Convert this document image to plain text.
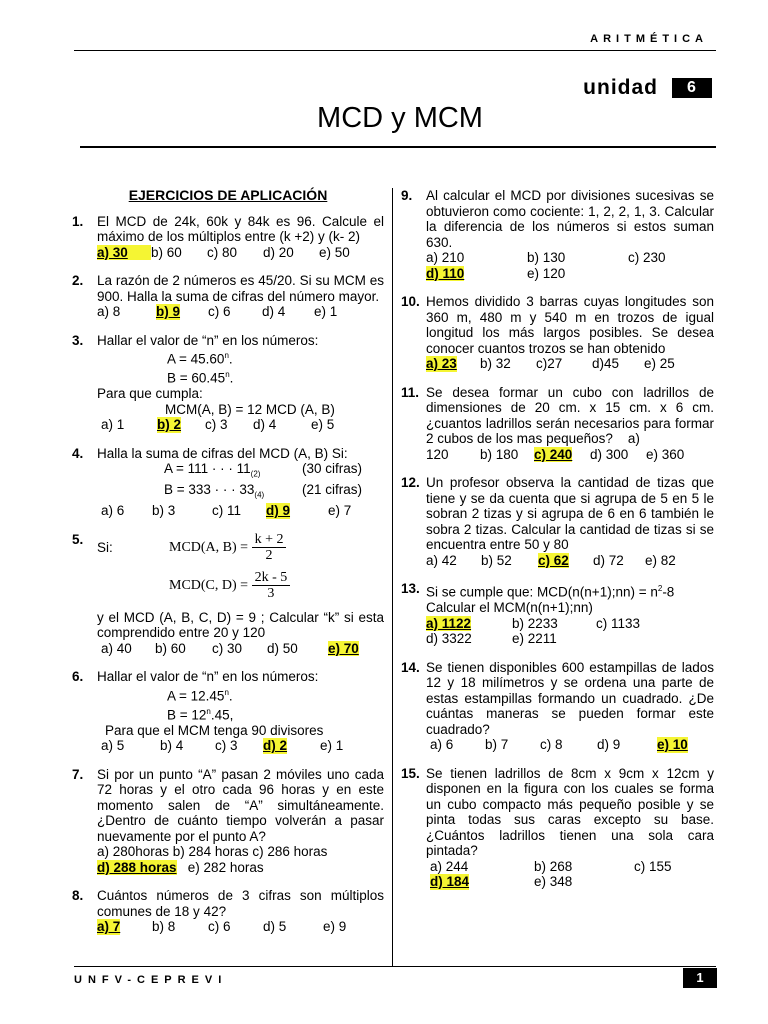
ARITMÉTICA
unidad	6
MCD y MCM
EJERCICIOS DE APLICACIÓN
1. El MCD de 24k, 60k y 84k es 96. Calcule el máximo de los múltiplos entre (k +2) y (k- 2)
a) 30	b) 60	c) 80	d) 20	e) 50
2. La razón de 2 números es 45/20. Si su MCM es 900. Halla la suma de cifras del número mayor.
a) 8	b) 9	c) 6	d) 4	e) 1
3. Hallar el valor de “n” en los números:
$A = 45.60^n$.
$B = 60.45^n$.
Para que cumpla:
MCM(A, B) = 12 MCD (A, B)
a) 1	b) 2	c) 3	d) 4	e) 5
4. Halla la suma de cifras del MCD (A, B) Si:
A = 111 · · · $11_{(2)}$	(30 cifras)
B = 333 · · · $33_{(4)}$	(21 cifras)
a) 6	b) 3	c) 11	d) 9	e) 7
5.
Si:	MCD(A, B) =
$\frac{k + 2}{2}$
MCD(C, D) =
$\frac{2k - 5}{3}$
y el MCD (A, B, C, D) = 9 ; Calcular “k” si esta comprendido entre 20 y 120
a) 40	b) 60	c) 30	d) 50	e) 70
6. Hallar el valor de “n” en los números:
$A = 12.45^n$.
$B = 12^n.45$,
Para que el MCM tenga 90 divisores
a) 5	b) 4	c) 3	d) 2	e) 1
7. Si por un punto “A” pasan 2 móviles uno cada 72 horas y el otro cada 96 horas y en este momento salen de “A” simultáneamente. ¿Dentro de cuánto tiempo volverán a pasar nuevamente por el punto A?
a) 280horas b) 284 horas c) 286 horas
d) 288 horas e) 282 horas
8. Cuántos números de 3 cifras son múltiplos comunes de 18 y 42?
a) 7	b) 8	c) 6	d) 5	e) 9
9. Al calcular el MCD por divisiones sucesivas se obtuvieron como cociente: 1, 2, 2, 1, 3. Calcular la diferencia de los números si estos suman 630.
a) 210	b) 130	c) 230
d) 110	e) 120
10. Hemos dividido 3 barras cuyas longitudes son 360 m, 480 m y 540 m en trozos de igual longitud los más largos posibles. Se desea conocer cuantos trozos se han obtenido
a) 23	b) 32	c)27	d)45	e) 25
11. Se desea formar un cubo con ladrillos de dimensiones de 20 cm. x 15 cm. x 6 cm. ¿cuantos ladrillos serán necesarios para formar 2 cubos de los mas pequeños? a)
120	b) 180	c) 240	d) 300	e) 360
12. Un profesor observa la cantidad de tizas que tiene y se da cuenta que si agrupa de 5 en 5 le sobran 2 tizas y si agrupa de 6 en 6 también le sobra 2 tizas. Calcular la cantidad de tizas si se encuentra entre 50 y 80
a) 42	b) 52	c) 62	d) 72	e) 82
13. Si se cumple que: MCD(n(n+1);nn) = $n^2-8$
Calcular el MCM(n(n+1);nn)
a) 1122	b) 2233	c) 1133
d) 3322	e) 2211
14. Se tienen disponibles 600 estampillas de lados 12 y 18 milímetros y se ordena una parte de estas estampillas formando un cuadrado. ¿De cuántas maneras se pueden formar este cuadrado?
a) 6	b) 7	c) 8	d) 9	e) 10
15. Se tienen ladrillos de 8cm x 9cm x 12cm y disponen en la figura con los cuales se forma un cubo compacto más pequeño posible y se pinta todas sus caras excepto su base. ¿Cuántos ladrillos tienen una sola cara pintada?
a) 244	b) 268	c) 155
d) 184	e) 348
UNFV-CEPREVI	1
